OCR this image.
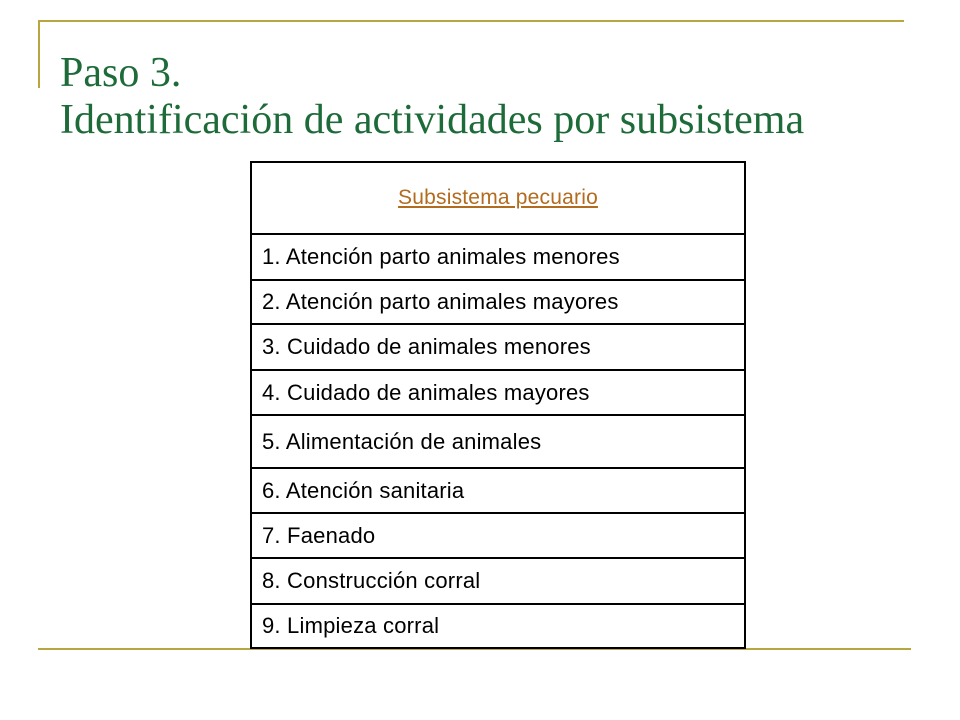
Paso 3.
Identificación de actividades por subsistema
Subsistema pecuario
1. Atención parto animales menores
2. Atención parto animales mayores
3. Cuidado de animales menores
4. Cuidado de animales mayores
5. Alimentación de animales
6. Atención sanitaria
7. Faenado
8. Construcción corral
9. Limpieza corral
